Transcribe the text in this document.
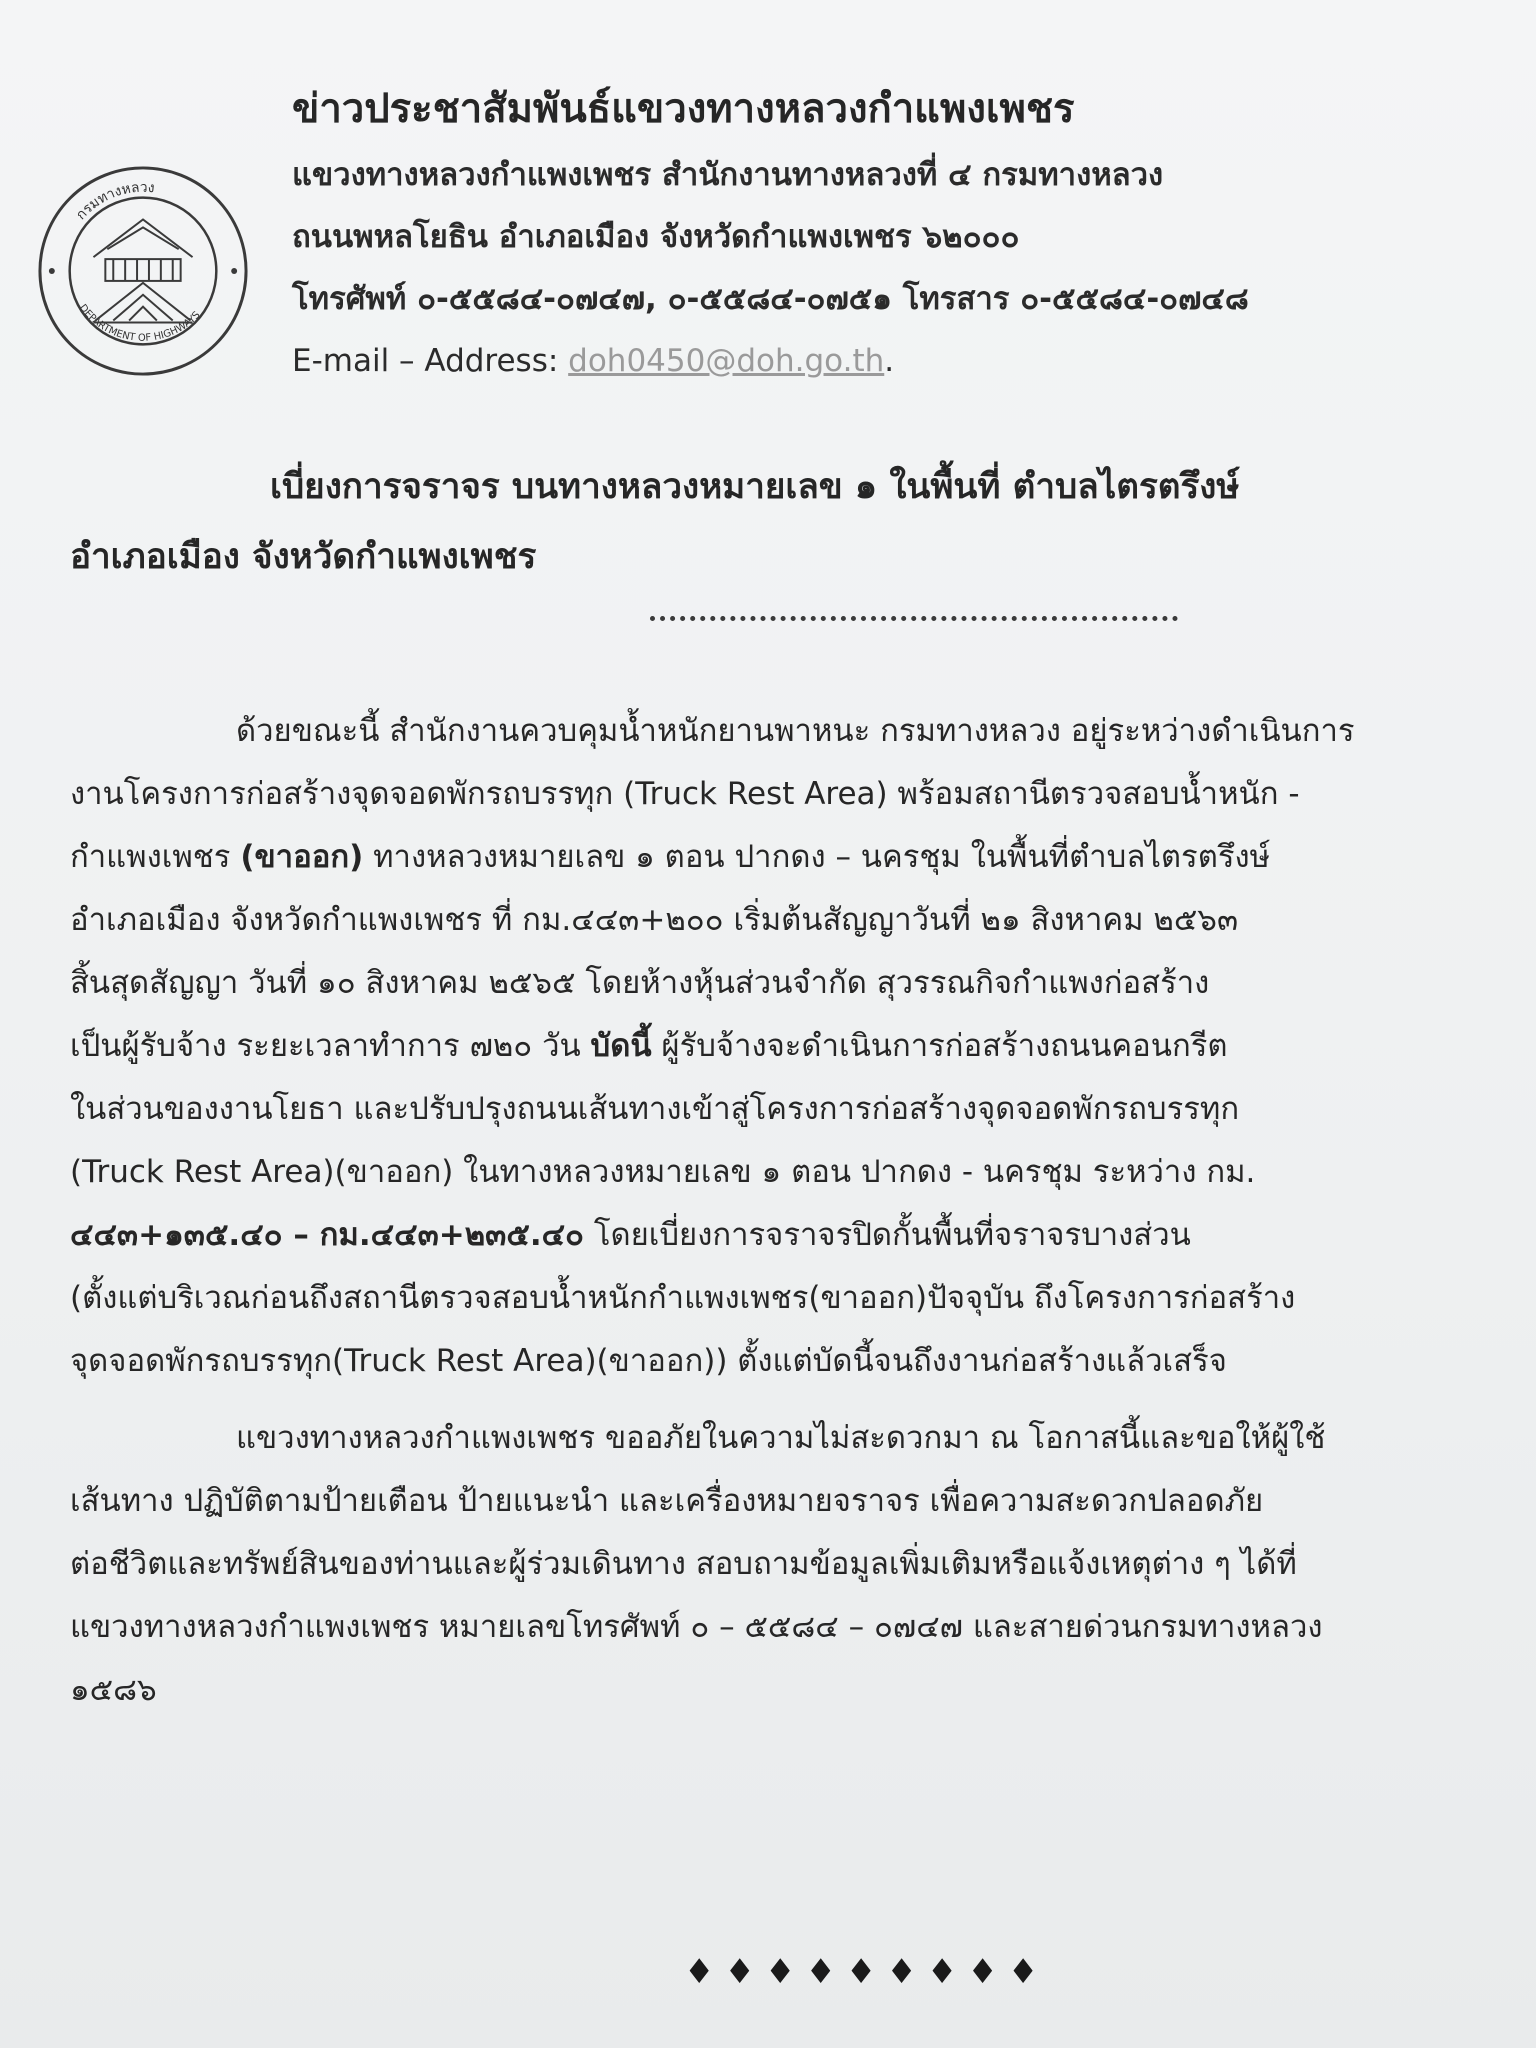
กรมทางหลวง
DEPARTMENT OF HIGHWAYS
ข่าวประชาสัมพันธ์แขวงทางหลวงกำแพงเพชร
แขวงทางหลวงกำแพงเพชร สำนักงานทางหลวงที่ ๔ กรมทางหลวง
ถนนพหลโยธิน อำเภอเมือง จังหวัดกำแพงเพชร ๖๒๐๐๐
โทรศัพท์ ๐-๕๕๘๔-๐๗๔๗, ๐-๕๕๘๔-๐๗๕๑ โทรสาร ๐-๕๕๘๔-๐๗๔๘
E-mail – Address: doh0450@doh.go.th.
เบี่ยงการจราจร บนทางหลวงหมายเลข ๑ ในพื้นที่ ตำบลไตรตรึงษ์
อำเภอเมือง จังหวัดกำแพงเพชร

ด้วยขณะนี้ สำนักงานควบคุมน้ำหนักยานพาหนะ กรมทางหลวง อยู่ระหว่างดำเนินการ
งานโครงการก่อสร้างจุดจอดพักรถบรรทุก (Truck Rest Area) พร้อมสถานีตรวจสอบน้ำหนัก -
กำแพงเพชร (ขาออก) ทางหลวงหมายเลข ๑ ตอน ปากดง – นครชุม ในพื้นที่ตำบลไตรตรึงษ์
อำเภอเมือง จังหวัดกำแพงเพชร ที่ กม.๔๔๓+๒๐๐ เริ่มต้นสัญญาวันที่ ๒๑ สิงหาคม ๒๕๖๓
สิ้นสุดสัญญา วันที่ ๑๐ สิงหาคม ๒๕๖๕ โดยห้างหุ้นส่วนจำกัด สุวรรณกิจกำแพงก่อสร้าง
เป็นผู้รับจ้าง ระยะเวลาทำการ ๗๒๐ วัน บัดนี้ ผู้รับจ้างจะดำเนินการก่อสร้างถนนคอนกรีต
ในส่วนของงานโยธา และปรับปรุงถนนเส้นทางเข้าสู่โครงการก่อสร้างจุดจอดพักรถบรรทุก
(Truck Rest Area)(ขาออก) ในทางหลวงหมายเลข ๑ ตอน ปากดง - นครชุม ระหว่าง กม.
๔๔๓+๑๓๕.๔๐ – กม.๔๔๓+๒๓๕.๔๐ โดยเบี่ยงการจราจรปิดกั้นพื้นที่จราจรบางส่วน
(ตั้งแต่บริเวณก่อนถึงสถานีตรวจสอบน้ำหนักกำแพงเพชร(ขาออก)ปัจจุบัน ถึงโครงการก่อสร้าง
จุดจอดพักรถบรรทุก(Truck Rest Area)(ขาออก)) ตั้งแต่บัดนี้จนถึงงานก่อสร้างแล้วเสร็จ

แขวงทางหลวงกำแพงเพชร ขออภัยในความไม่สะดวกมา ณ โอกาสนี้และขอให้ผู้ใช้
เส้นทาง ปฏิบัติตามป้ายเตือน ป้ายแนะนำ และเครื่องหมายจราจร เพื่อความสะดวกปลอดภัย
ต่อชีวิตและทรัพย์สินของท่านและผู้ร่วมเดินทาง สอบถามข้อมูลเพิ่มเติมหรือแจ้งเหตุต่าง ๆ ได้ที่
แขวงทางหลวงกำแพงเพชร หมายเลขโทรศัพท์ ๐ – ๕๕๘๔ – ๐๗๔๗ และสายด่วนกรมทางหลวง
๑๕๘๖

♦♦♦♦♦♦♦♦♦
